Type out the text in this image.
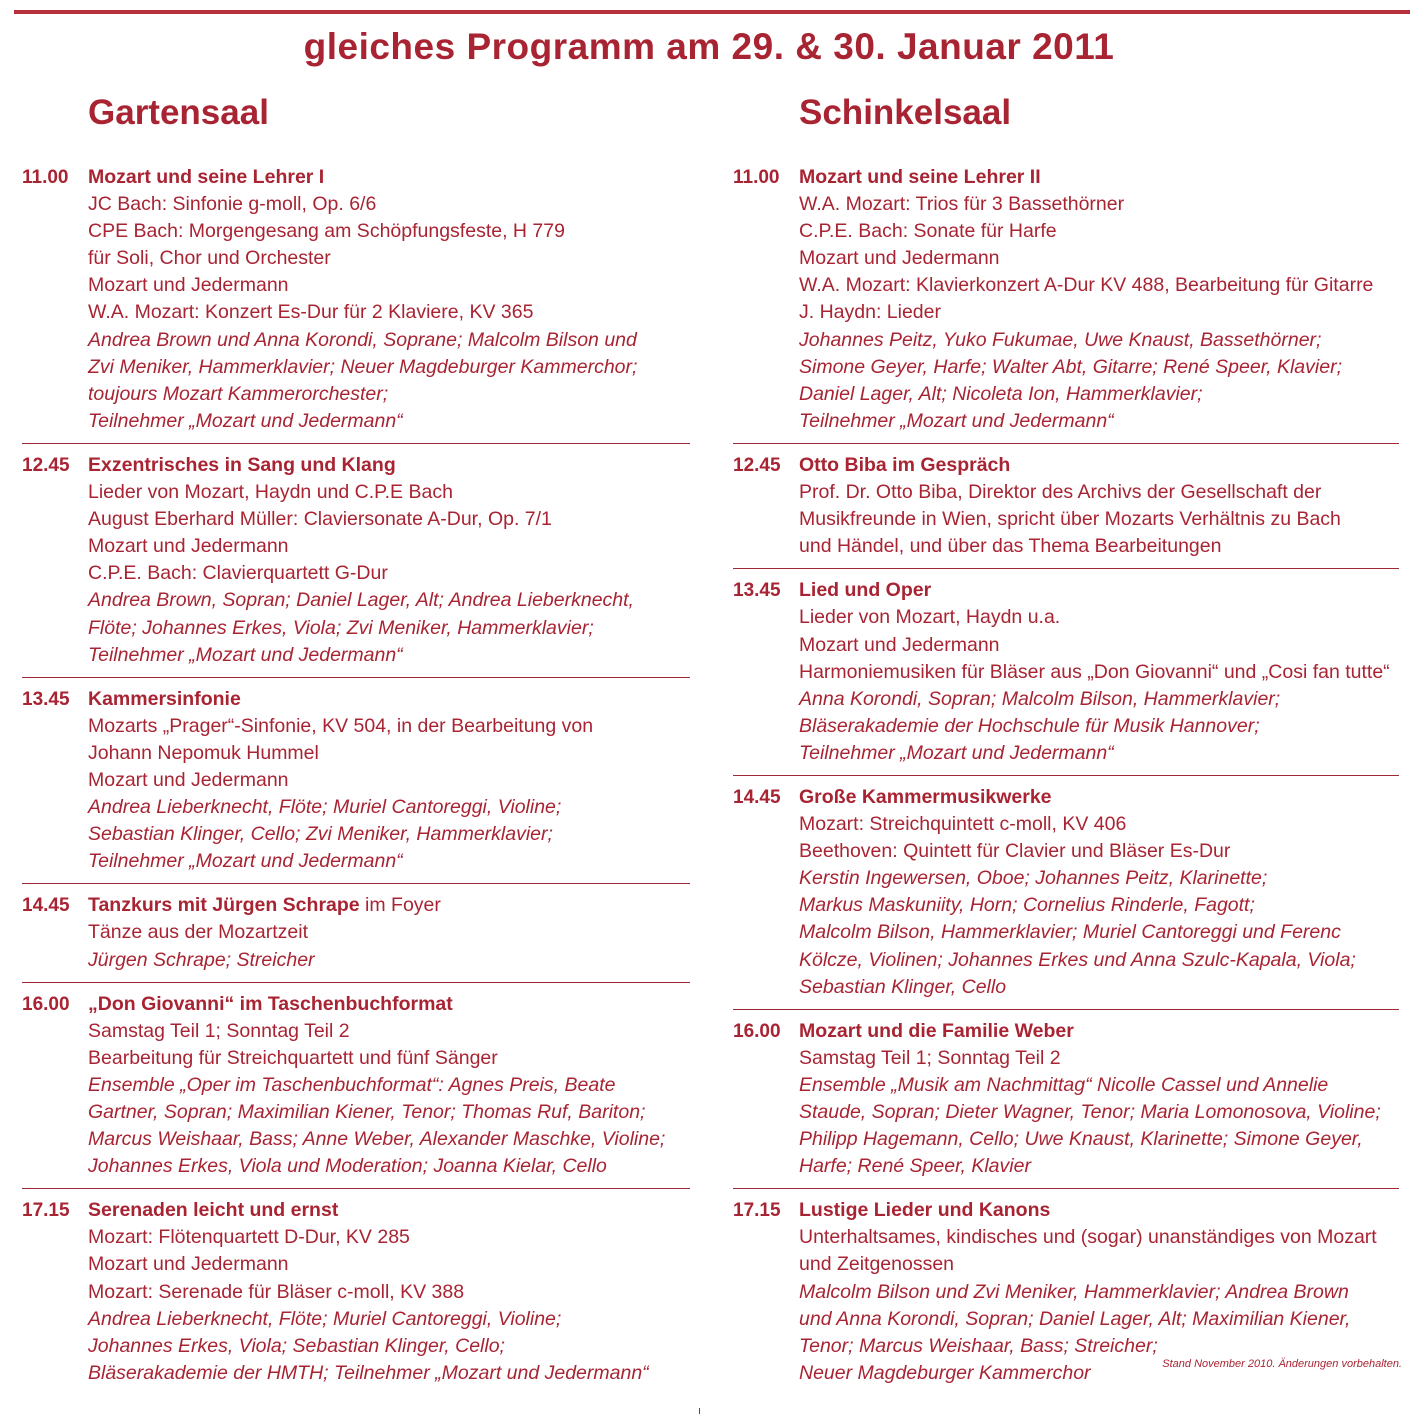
gleiches Programm am 29. & 30. Januar 2011
Gartensaal
11.00	Mozart und seine Lehrer I
JC Bach: Sinfonie g-moll, Op. 6/6
CPE Bach: Morgengesang am Schöpfungsfeste, H 779
für Soli, Chor und Orchester
Mozart und Jedermann
W.A. Mozart: Konzert Es-Dur für 2 Klaviere, KV 365
Andrea Brown und Anna Korondi, Soprane; Malcolm Bilson und
Zvi Meniker, Hammerklavier; Neuer Magdeburger Kammerchor;
toujours Mozart Kammerorchester;
Teilnehmer „Mozart und Jedermann“
12.45 Exzentrisches in Sang und Klang
Lieder von Mozart, Haydn und C.P.E Bach
August Eberhard Müller: Claviersonate A-Dur, Op. 7/1
Mozart und Jedermann
C.P.E. Bach: Clavierquartett G-Dur
Andrea Brown, Sopran; Daniel Lager, Alt; Andrea Lieberknecht,
Flöte; Johannes Erkes, Viola; Zvi Meniker, Hammerklavier;
Teilnehmer „Mozart und Jedermann“
13.45 Kammersinfonie
Mozarts „Prager“-Sinfonie, KV 504, in der Bearbeitung von
Johann Nepomuk Hummel
Mozart und Jedermann
Andrea Lieberknecht, Flöte; Muriel Cantoreggi, Violine;
Sebastian Klinger, Cello; Zvi Meniker, Hammerklavier;
Teilnehmer „Mozart und Jedermann“
14.45 Tanzkurs mit Jürgen Schrape im Foyer
Tänze aus der Mozartzeit
Jürgen Schrape; Streicher
16.00 „Don Giovanni“ im Taschenbuchformat
Samstag Teil 1; Sonntag Teil 2
Bearbeitung für Streichquartett und fünf Sänger
Ensemble „Oper im Taschenbuchformat“: Agnes Preis, Beate
Gartner, Sopran; Maximilian Kiener, Tenor; Thomas Ruf, Bariton;
Marcus Weishaar, Bass; Anne Weber, Alexander Maschke, Violine;
Johannes Erkes, Viola und Moderation; Joanna Kielar, Cello
17.15 Serenaden leicht und ernst
Mozart: Flötenquartett D-Dur, KV 285
Mozart und Jedermann
Mozart: Serenade für Bläser c-moll, KV 388
Andrea Lieberknecht, Flöte; Muriel Cantoreggi, Violine;
Johannes Erkes, Viola; Sebastian Klinger, Cello;
Bläserakademie der HMTH; Teilnehmer „Mozart und Jedermann“
Schinkelsaal
11.00	Mozart und seine Lehrer II
W.A. Mozart: Trios für 3 Bassethörner
C.P.E. Bach: Sonate für Harfe
Mozart und Jedermann
W.A. Mozart: Klavierkonzert A-Dur KV 488, Bearbeitung für Gitarre
J. Haydn: Lieder
Johannes Peitz, Yuko Fukumae, Uwe Knaust, Bassethörner;
Simone Geyer, Harfe; Walter Abt, Gitarre; René Speer, Klavier;
Daniel Lager, Alt; Nicoleta Ion, Hammerklavier;
Teilnehmer „Mozart und Jedermann“
12.45 Otto Biba im Gespräch
Prof. Dr. Otto Biba, Direktor des Archivs der Gesellschaft der
Musikfreunde in Wien, spricht über Mozarts Verhältnis zu Bach
und Händel, und über das Thema Bearbeitungen
13.45 Lied und Oper
Lieder von Mozart, Haydn u.a.
Mozart und Jedermann
Harmoniemusiken für Bläser aus „Don Giovanni“ und „Cosi fan tutte“
Anna Korondi, Sopran; Malcolm Bilson, Hammerklavier;
Bläserakademie der Hochschule für Musik Hannover;
Teilnehmer „Mozart und Jedermann“
14.45 Große Kammermusikwerke
Mozart: Streichquintett c-moll, KV 406
Beethoven: Quintett für Clavier und Bläser Es-Dur
Kerstin Ingewersen, Oboe; Johannes Peitz, Klarinette;
Markus Maskuniity, Horn; Cornelius Rinderle, Fagott;
Malcolm Bilson, Hammerklavier; Muriel Cantoreggi und Ferenc
Kölcze, Violinen; Johannes Erkes und Anna Szulc-Kapala, Viola;
Sebastian Klinger, Cello
16.00 Mozart und die Familie Weber
Samstag Teil 1; Sonntag Teil 2
Ensemble „Musik am Nachmittag“ Nicolle Cassel und Annelie
Staude, Sopran; Dieter Wagner, Tenor; Maria Lomonosova, Violine;
Philipp Hagemann, Cello; Uwe Knaust, Klarinette; Simone Geyer,
Harfe; René Speer, Klavier
17.15 Lustige Lieder und Kanons
Unterhaltsames, kindisches und (sogar) unanständiges von Mozart
und Zeitgenossen
Malcolm Bilson und Zvi Meniker, Hammerklavier; Andrea Brown
und Anna Korondi, Sopran; Daniel Lager, Alt; Maximilian Kiener,
Tenor; Marcus Weishaar, Bass; Streicher;
Neuer Magdeburger Kammerchor	Stand November 2010. Änderungen vorbehalten.
